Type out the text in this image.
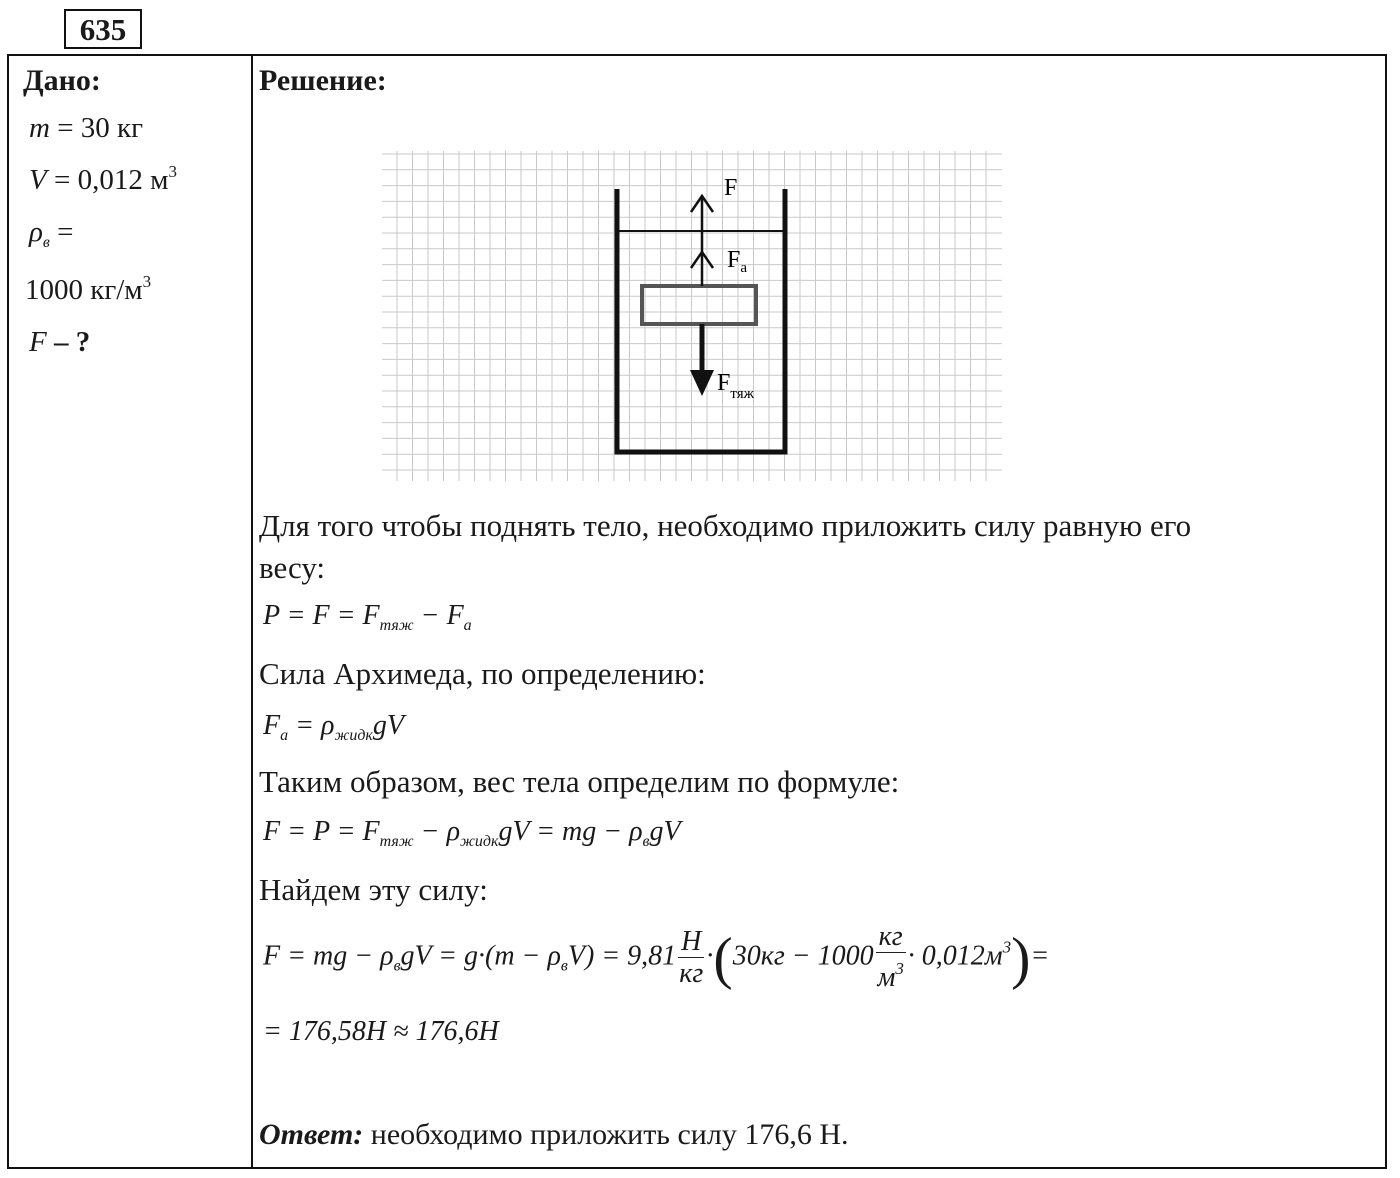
635
Дано:
m = 30 кг
V = 0,012 $м^3$
$\rho_в$ =
1000 $кг/м^3$
F – ?
Решение:
F
$F_a$
$F_{тяж}$
Для того чтобы поднять тело, необходимо приложить силу равную его
весу:
$P = F = F_{тяж} - F_a$
Сила Архимеда, по определению:
$F_a = \rho_{жидк}gV$
Таким образом, вес тела определим по формуле:
$F = P = F_{тяж} - \rho_{жидк}gV$ = mg − $\rho_вgV$
Найдем эту силу:
F = mg − $\rho_вgV = g\cdot(m - \rho_вV) = 9,81 \frac{H}{кг} \cdot(30кг - 1000 \frac{кг}{м^3} \cdot 0,012м^3)=$
= 176,58H ≈ 176,6H
Ответ: необходимо приложить силу 176,6 Н.
